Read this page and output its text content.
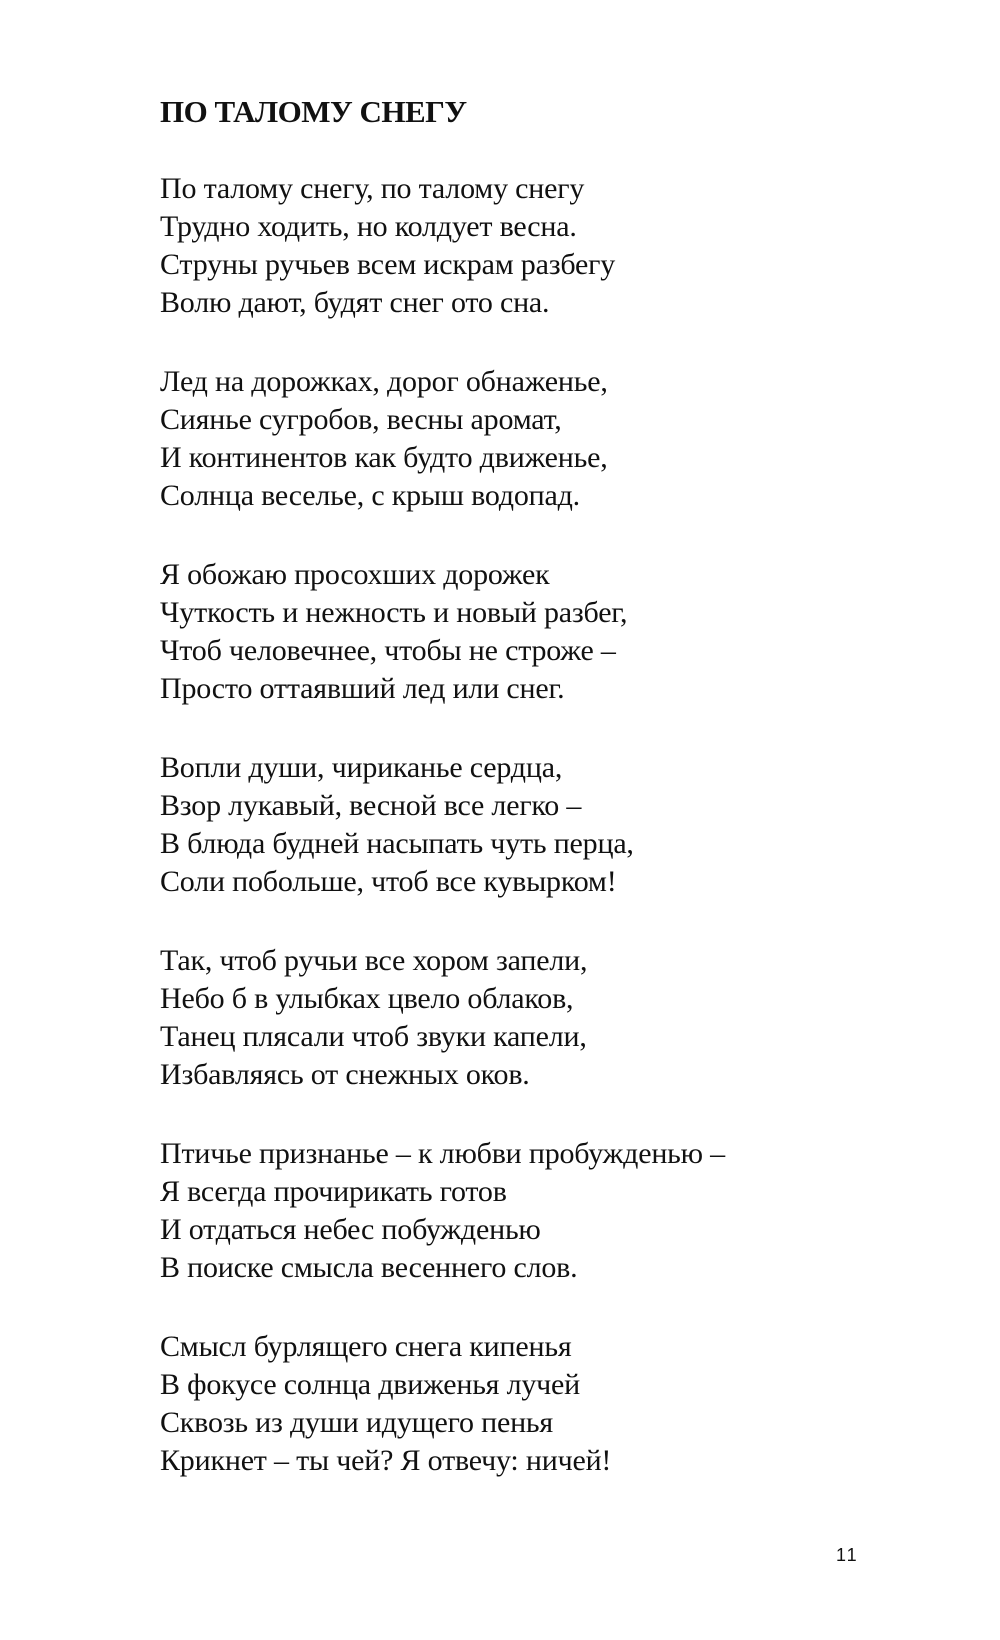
ПО ТАЛОМУ СНЕГУ
По талому снегу, по талому снегу
Трудно ходить, но колдует весна.
Струны ручьев всем искрам разбегу
Волю дают, будят снег ото сна.
Лед на дорожках, дорог обнаженье,
Сиянье сугробов, весны аромат,
И континентов как будто движенье,
Солнца веселье, с крыш водопад.
Я обожаю просохших дорожек
Чуткость и нежность и новый разбег,
Чтоб человечнее, чтобы не строже –
Просто оттаявший лед или снег.
Вопли души, чириканье сердца,
Взор лукавый, весной все легко –
В блюда будней насыпать чуть перца,
Соли побольше, чтоб все кувырком!
Так, чтоб ручьи все хором запели,
Небо б в улыбках цвело облаков,
Танец плясали чтоб звуки капели,
Избавляясь от снежных оков.
Птичье признанье – к любви пробужденью –
Я всегда прочирикать готов
И отдаться небес побужденью
В поиске смысла весеннего слов.
Смысл бурлящего снега кипенья
В фокусе солнца движенья лучей
Сквозь из души идущего пенья
Крикнет – ты чей? Я отвечу: ничей!
11
